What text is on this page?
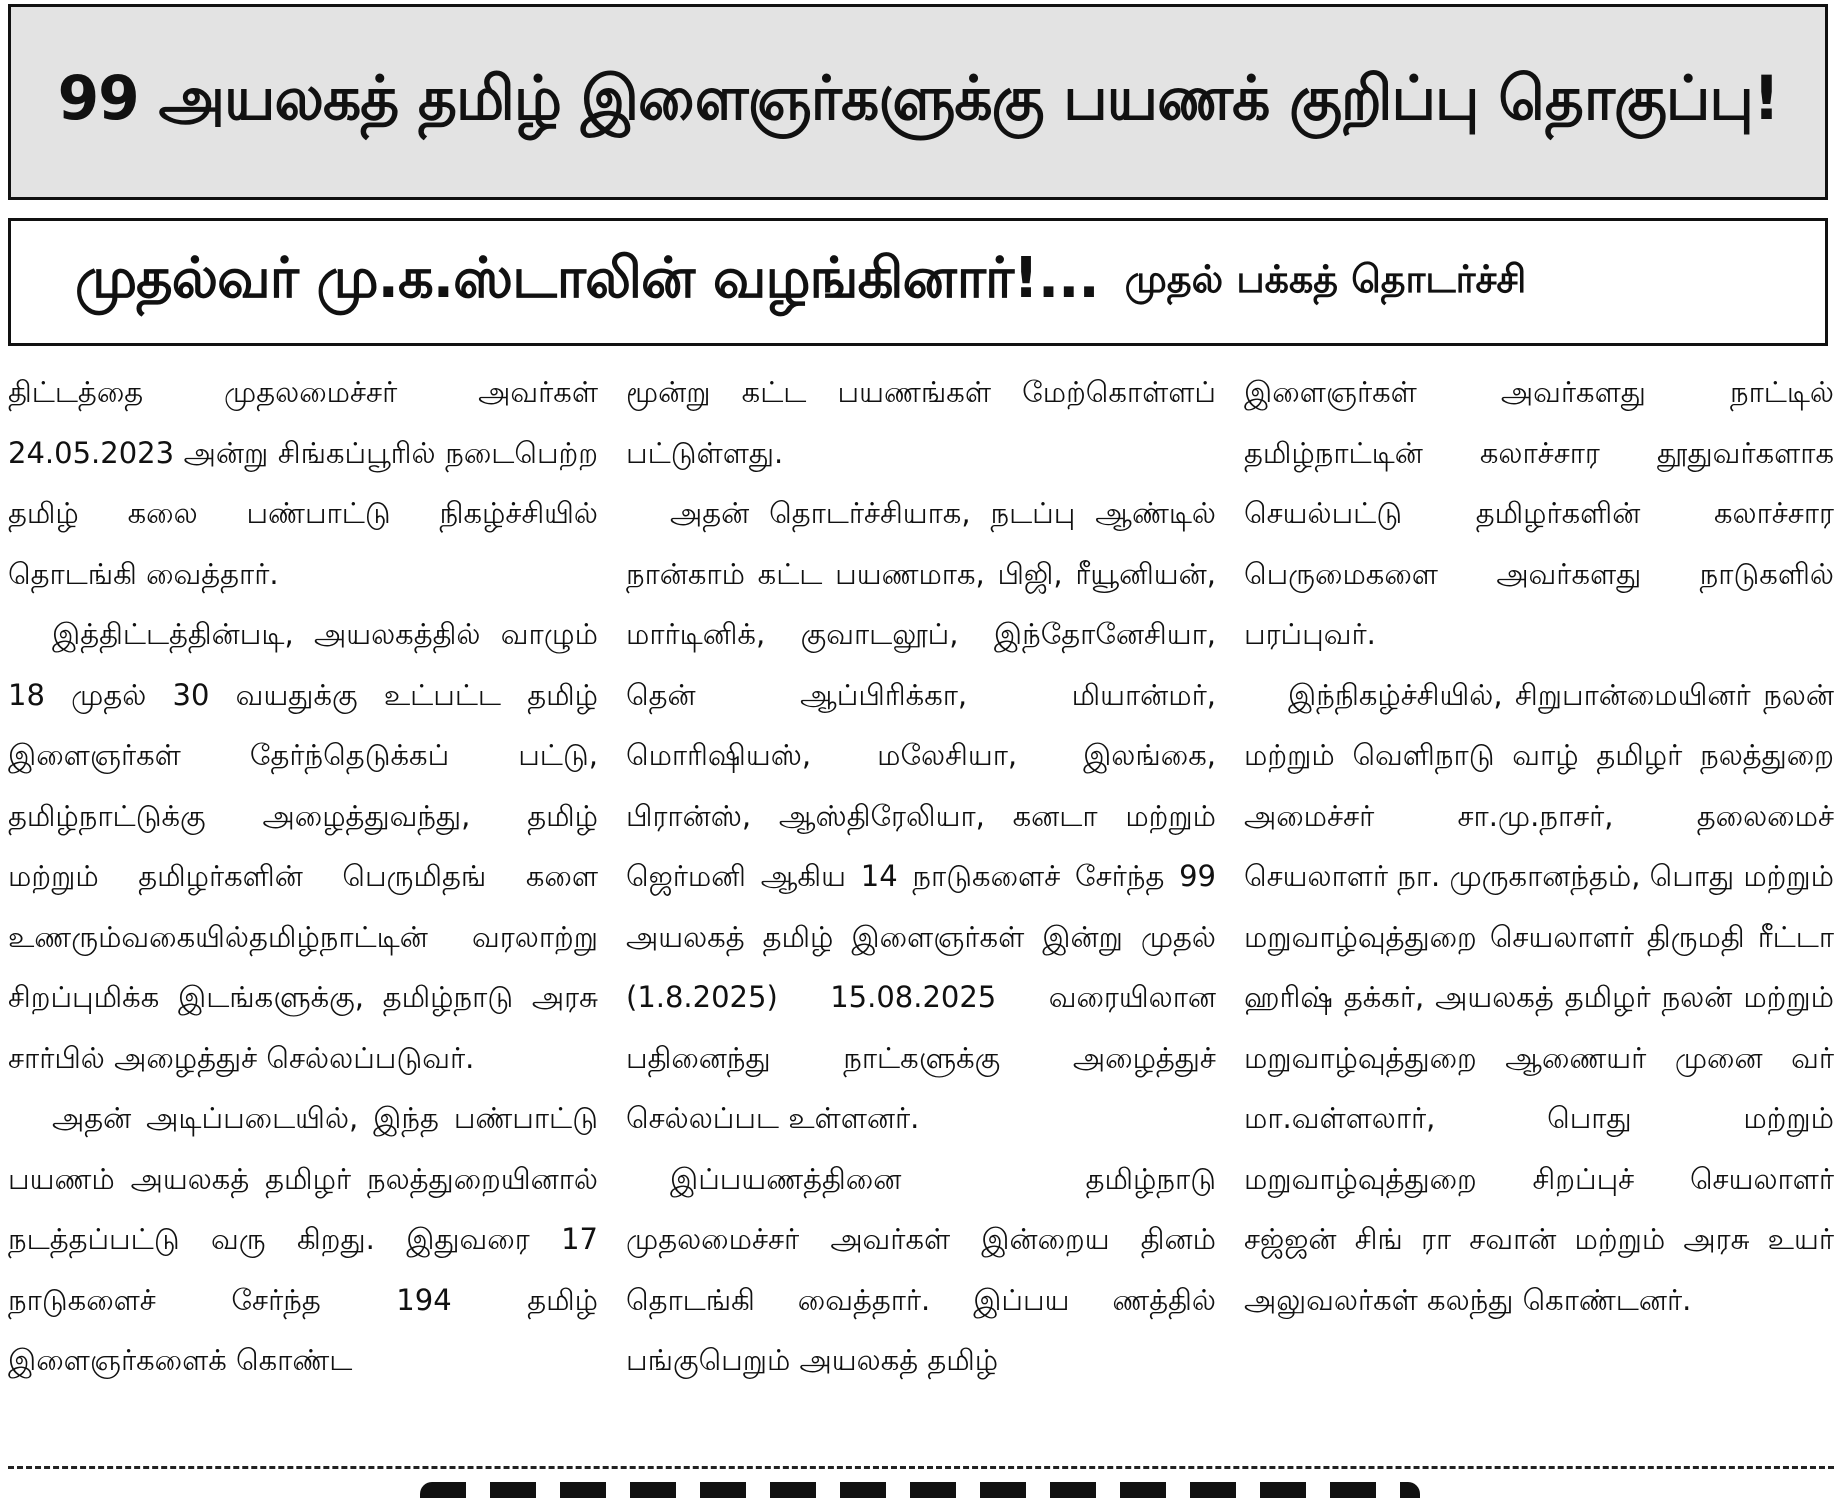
99 அயலகத் தமிழ் இளைஞர்களுக்கு பயணக் குறிப்பு தொகுப்பு!
முதல்வர் மு.க.ஸ்டாலின் வழங்கினார்!... முதல் பக்கத் தொடர்ச்சி

திட்டத்தை முதலமைச்சர் அவர்கள் 24.05.2023 அன்று சிங்கப்பூரில் நடைபெற்ற தமிழ் கலை பண்பாட்டு நிகழ்ச்சியில் தொடங்கி வைத்தார்.

இத்திட்டத்தின்படி, அயலகத்தில் வாழும் 18 முதல் 30 வயதுக்கு உட்பட்ட தமிழ் இளைஞர்கள் தேர்ந்தெடுக்கப் பட்டு, தமிழ்நாட்டுக்கு அழைத்துவந்து, தமிழ் மற்றும் தமிழர்களின் பெருமிதங் களை உணரும்வகையில்தமிழ்நாட்டின் வரலாற்று சிறப்புமிக்க இடங்களுக்கு, தமிழ்நாடு அரசு சார்பில் அழைத்துச் செல்லப்படுவர்.

அதன் அடிப்படையில், இந்த பண்பாட்டு பயணம் அயலகத் தமிழர் நலத்துறையினால் நடத்தப்பட்டு வரு கிறது. இதுவரை 17 நாடுகளைச் சேர்ந்த 194 தமிழ் இளைஞர்களைக் கொண்ட

மூன்று கட்ட பயணங்கள் மேற்கொள்ளப் பட்டுள்ளது.

அதன் தொடர்ச்சியாக, நடப்பு ஆண்டில் நான்காம் கட்ட பயணமாக, பிஜி, ரீயூனியன், மார்டினிக், குவாடலூப், இந்தோனேசியா, தென் ஆப்பிரிக்கா, மியான்மர், மொரிஷியஸ், மலேசியா, இலங்கை, பிரான்ஸ், ஆஸ்திரேலியா, கனடா மற்றும் ஜெர்மனி ஆகிய 14 நாடுகளைச் சேர்ந்த 99 அயலகத் தமிழ் இளைஞர்கள் இன்று முதல் (1.8.2025) 15.08.2025 வரையிலான பதினைந்து நாட்களுக்கு அழைத்துச் செல்லப்பட உள்ளனர்.

இப்பயணத்தினை தமிழ்நாடு முதலமைச்சர் அவர்கள் இன்றைய தினம் தொடங்கி வைத்தார். இப்பய ணத்தில் பங்குபெறும் அயலகத் தமிழ்

இளைஞர்கள் அவர்களது நாட்டில் தமிழ்நாட்டின் கலாச்சார தூதுவர்களாக செயல்பட்டு தமிழர்களின் கலாச்சார பெருமைகளை அவர்களது நாடுகளில் பரப்புவர்.

இந்நிகழ்ச்சியில், சிறுபான்மையினர் நலன் மற்றும் வெளிநாடு வாழ் தமிழர் நலத்துறை அமைச்சர் சா.மு.நாசர், தலைமைச் செயலாளர் நா. முருகானந்தம், பொது மற்றும் மறுவாழ்வுத்துறை செயலாளர் திருமதி ரீட்டா ஹரிஷ் தக்கர், அயலகத் தமிழர் நலன் மற்றும் மறுவாழ்வுத்துறை ஆணையர் முனை வர் மா.வள்ளலார், பொது மற்றும் மறுவாழ்வுத்துறை சிறப்புச் செயலாளர் சஜ்ஜன் சிங் ரா சவான் மற்றும் அரசு உயர் அலுவலர்கள் கலந்து கொண்டனர்.
